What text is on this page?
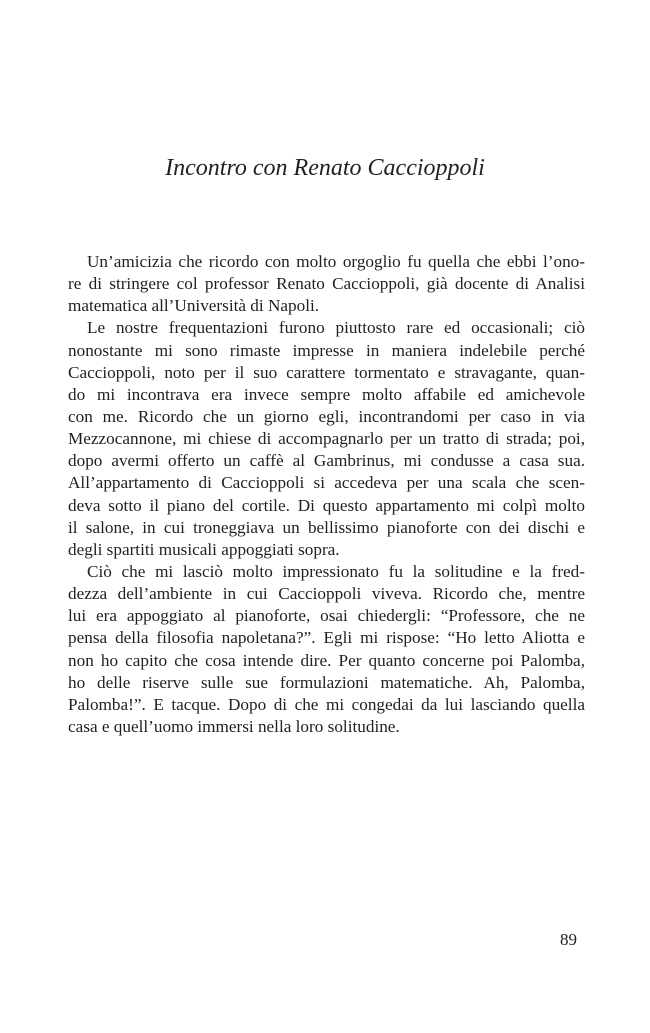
Incontro con Renato Caccioppoli
Un’amicizia che ricordo con molto orgoglio fu quella che ebbi l’ono-
re di stringere col professor Renato Caccioppoli, già docente di Analisi
matematica all’Università di Napoli.
Le nostre frequentazioni furono piuttosto rare ed occasionali; ciò
nonostante mi sono rimaste impresse in maniera indelebile perché
Caccioppoli, noto per il suo carattere tormentato e stravagante, quan-
do mi incontrava era invece sempre molto affabile ed amichevole
con me. Ricordo che un giorno egli, incontrandomi per caso in via
Mezzocannone, mi chiese di accompagnarlo per un tratto di strada; poi,
dopo avermi offerto un caffè al Gambrinus, mi condusse a casa sua.
All’appartamento di Caccioppoli si accedeva per una scala che scen-
deva sotto il piano del cortile. Di questo appartamento mi colpì molto
il salone, in cui troneggiava un bellissimo pianoforte con dei dischi e
degli spartiti musicali appoggiati sopra.
Ciò che mi lasciò molto impressionato fu la solitudine e la fred-
dezza dell’ambiente in cui Caccioppoli viveva. Ricordo che, mentre
lui era appoggiato al pianoforte, osai chiedergli: “Professore, che ne
pensa della filosofia napoletana?”. Egli mi rispose: “Ho letto Aliotta e
non ho capito che cosa intende dire. Per quanto concerne poi Palomba,
ho delle riserve sulle sue formulazioni matematiche. Ah, Palomba,
Palomba!”. E tacque. Dopo di che mi congedai da lui lasciando quella
casa e quell’uomo immersi nella loro solitudine.
89
